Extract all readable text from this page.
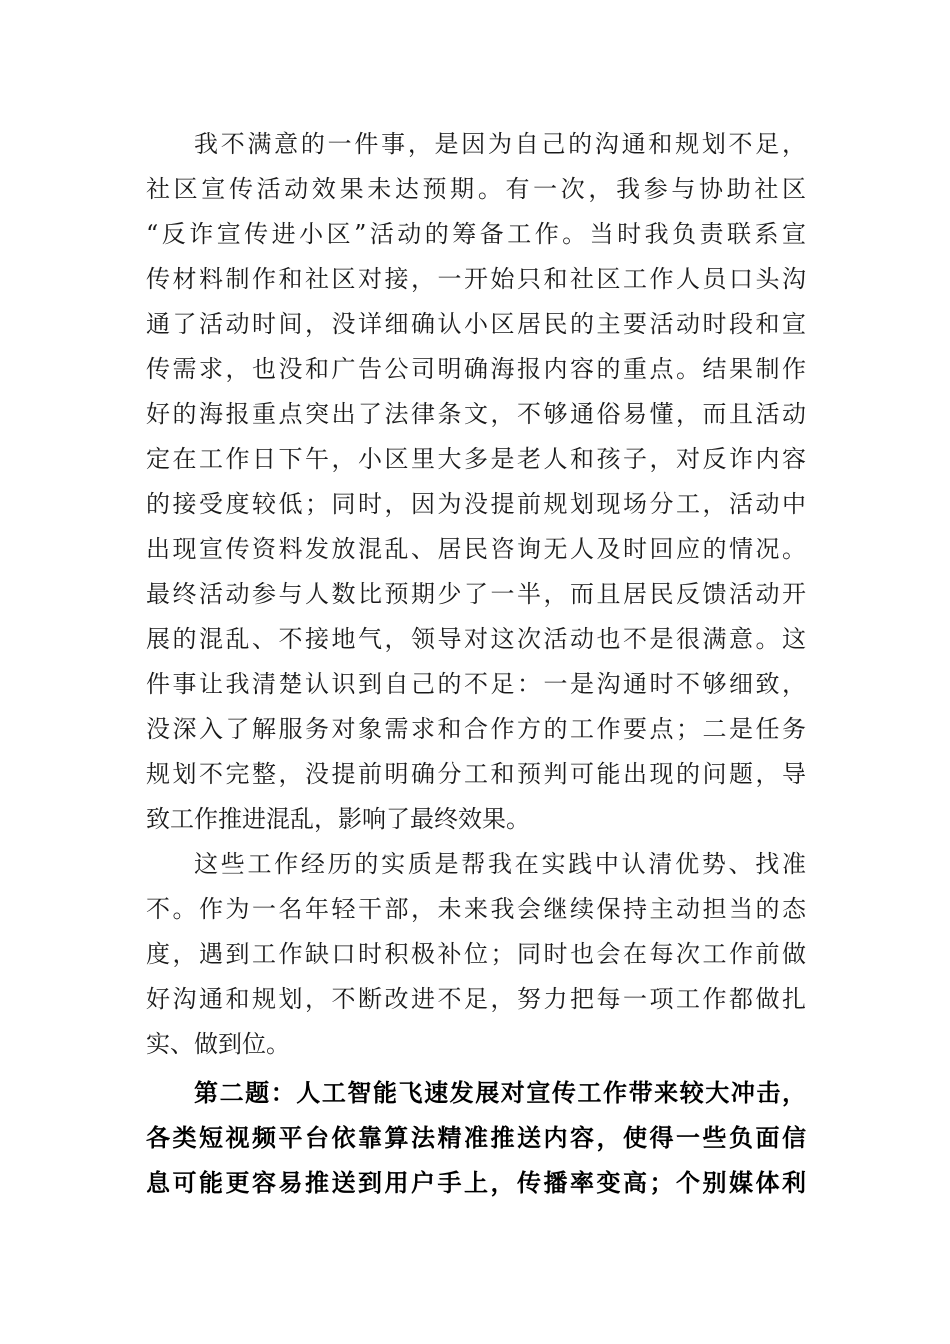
我不满意的一件事，是因为自己的沟通和规划不足，
社区宣传活动效果未达预期。有一次，我参与协助社区
“反诈宣传进小区”活动的筹备工作。当时我负责联系宣
传材料制作和社区对接，一开始只和社区工作人员口头沟
通了活动时间，没详细确认小区居民的主要活动时段和宣
传需求，也没和广告公司明确海报内容的重点。结果制作
好的海报重点突出了法律条文，不够通俗易懂，而且活动
定在工作日下午，小区里大多是老人和孩子，对反诈内容
的接受度较低；同时，因为没提前规划现场分工，活动中
出现宣传资料发放混乱、居民咨询无人及时回应的情况。
最终活动参与人数比预期少了一半，而且居民反馈活动开
展的混乱、不接地气，领导对这次活动也不是很满意。这
件事让我清楚认识到自己的不足：一是沟通时不够细致，
没深入了解服务对象需求和合作方的工作要点；二是任务
规划不完整，没提前明确分工和预判可能出现的问题，导
致工作推进混乱，影响了最终效果。
这些工作经历的实质是帮我在实践中认清优势、找准
不。作为一名年轻干部，未来我会继续保持主动担当的态
度，遇到工作缺口时积极补位；同时也会在每次工作前做
好沟通和规划，不断改进不足，努力把每一项工作都做扎
实、做到位。
第二题：人工智能飞速发展对宣传工作带来较大冲击，
各类短视频平台依靠算法精准推送内容，使得一些负面信
息可能更容易推送到用户手上，传播率变高；个别媒体利
